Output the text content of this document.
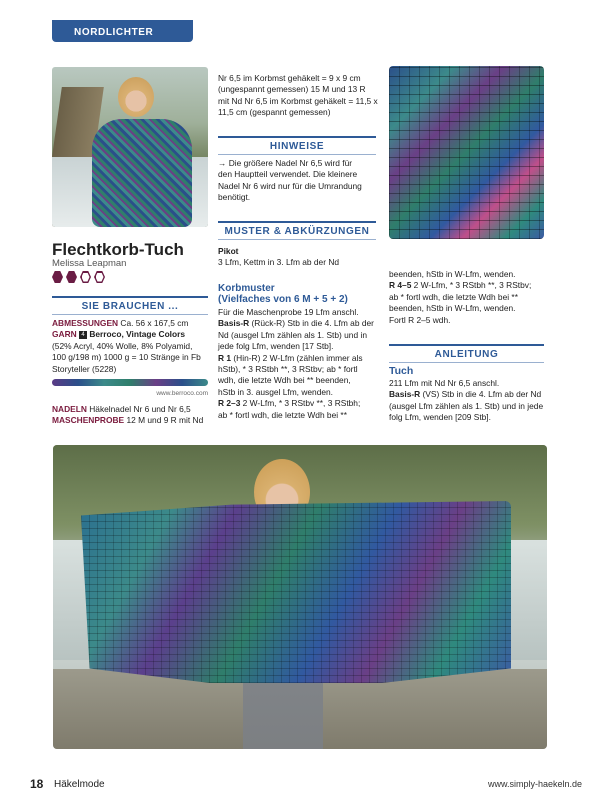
NORDLICHTER
Flechtkorb-Tuch
Melissa Leapman
SIE BRAUCHEN ...

ABMESSUNGEN Ca. 56 x 167,5 cm

GARN 4 Berroco, Vintage Colors

(52% Acryl, 40% Wolle, 8% Polyamid,

100 g/198 m) 1000 g = 10 Stränge in Fb

Storyteller (5228)

www.berroco.com

NADELN Häkelnadel Nr 6 und Nr 6,5

MASCHENPROBE 12 M und 9 R mit Nd

Nr 6,5 im Korbmst gehäkelt = 9 x 9 cm

(ungespannt gemessen) 15 M und 13 R

mit Nd Nr 6,5 im Korbmst gehäkelt = 11,5 x

11,5 cm (gespannt gemessen)

HINWEISE

→ Die größere Nadel Nr 6,5 wird für

den Hauptteil verwendet. Die kleinere

Nadel Nr 6 wird nur für die Umrandung

benötigt.

MUSTER & ABKÜRZUNGEN

Pikot

3 Lfm, Kettm in 3. Lfm ab der Nd

Korbmuster
(Vielfaches von 6 M + 5 + 2)

Für die Maschenprobe 19 Lfm anschl.

Basis-R (Rück-R) Stb in die 4. Lfm ab der

Nd (ausgel Lfm zählen als 1. Stb) und in

jede folg Lfm, wenden [17 Stb].

R 1 (Hin-R) 2 W-Lfm (zählen immer als

hStb), * 3 RStbh **, 3 RStbv; ab * fortl

wdh, die letzte Wdh bei ** beenden,

hStb in 3. ausgel Lfm, wenden.

R 2–3 2 W-Lfm, * 3 RStbv **, 3 RStbh;

ab * fortl wdh, die letzte Wdh bei **

beenden, hStb in W-Lfm, wenden.

R 4–5 2 W-Lfm, * 3 RStbh **, 3 RStbv;

ab * fortl wdh, die letzte Wdh bei **

beenden, hStb in W-Lfm, wenden.

Fortl R 2–5 wdh.

ANLEITUNG

Tuch

211 Lfm mit Nd Nr 6,5 anschl.

Basis-R (VS) Stb in die 4. Lfm ab der Nd

(ausgel Lfm zählen als 1. Stb) und in jede

folg Lfm, wenden [209 Stb].

18 Häkelmode	www.simply-haekeln.de
